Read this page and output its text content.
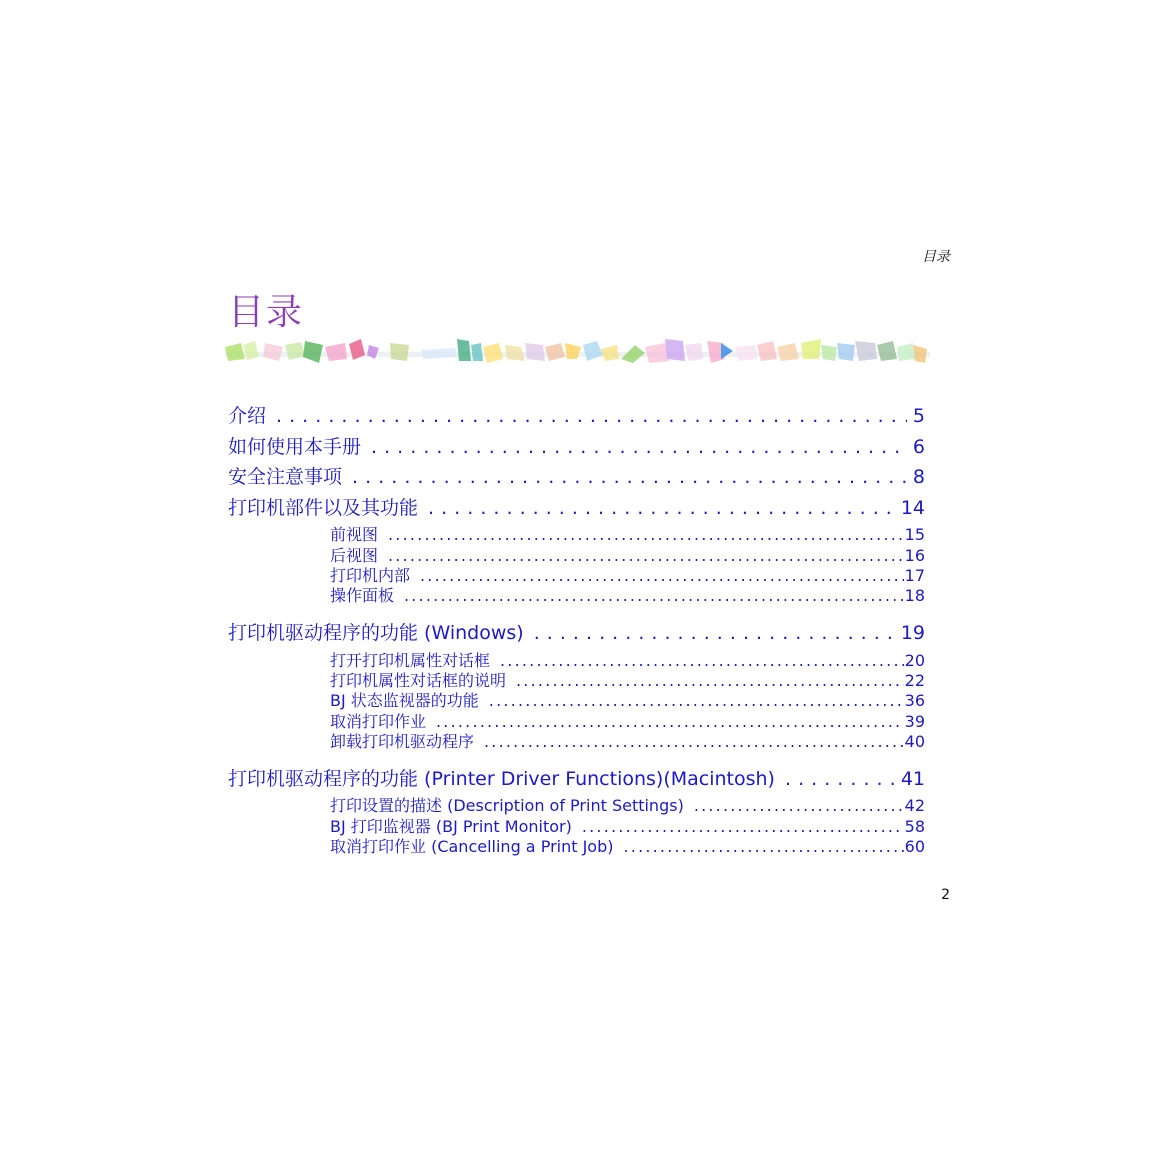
目录
目录
介绍 . . .	5
如何使用本手册 . . .	6
安全注意事项 . . .	8
打印机部件以及其功能 . . .	14
前视图 .....	15
后视图 .....	16
打印机内部 .....	17
操作面板 .....	18
打印机驱动程序的功能 (Windows) . . .	19
打开打印机属性对话框 .....	20
打印机属性对话框的说明 .....	22
BJ 状态监视器的功能 .....	36
取消打印作业 .....	39
卸载打印机驱动程序 .....	40
打印机驱动程序的功能 (Printer Driver Functions)(Macintosh) . . .	41
打印设置的描述 (Description of Print Settings) .....	42
BJ 打印监视器 (BJ Print Monitor) .....	58
取消打印作业 (Cancelling a Print Job) .....	60
2
